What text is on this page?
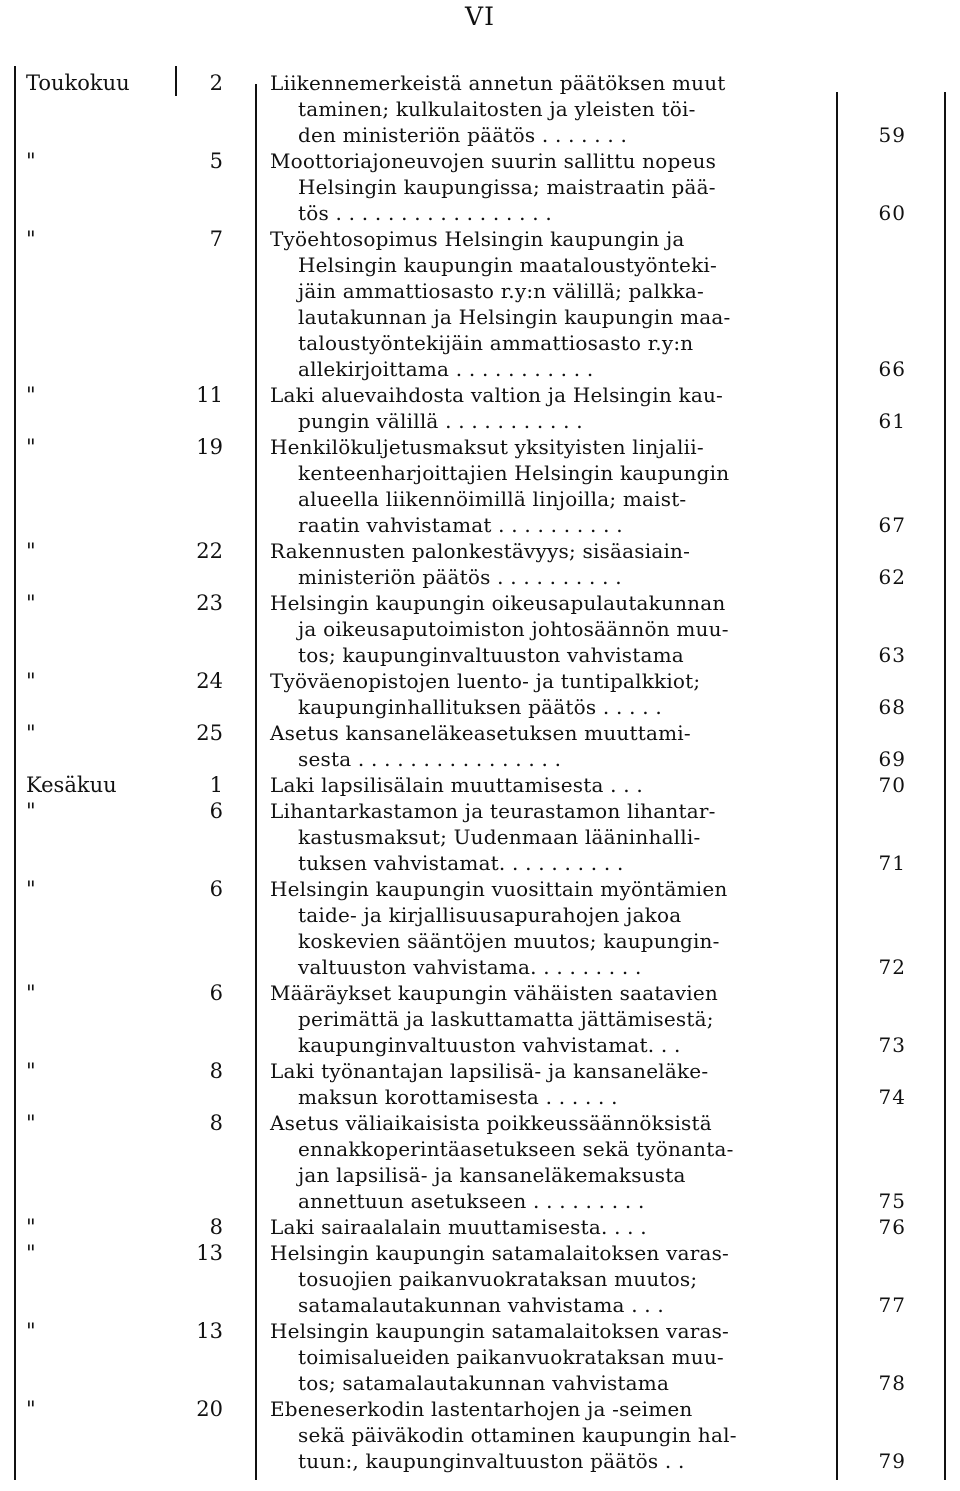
VI
Toukokuu	2 Liikennemerkeistä annetun päätöksen muut
taminen; kulkulaitosten ja yleisten töi-
den ministeriön päätös . . . . . . .	59
"	5 Moottoriajoneuvojen suurin sallittu nopeus
Helsingin kaupungissa; maistraatin pää-
tös . . . . . . . . . . . . . . . . .	60
"	7 Työehtosopimus Helsingin kaupungin ja
Helsingin kaupungin maataloustyönteki-
jäin ammattiosasto r.y:n välillä; palkka-
lautakunnan ja Helsingin kaupungin maa-
taloustyöntekijäin ammattiosasto r.y:n
allekirjoittama . . . . . . . . . . .	66
"	11 Laki aluevaihdosta valtion ja Helsingin kau-
pungin välillä . . . . . . . . . . .	61
"	19 Henkilökuljetusmaksut yksityisten linjalii-
kenteenharjoittajien Helsingin kaupungin
alueella liikennöimillä linjoilla; maist-
raatin vahvistamat . . . . . . . . . .	67
"	22 Rakennusten palonkestävyys; sisäasiain-
ministeriön päätös . . . . . . . . . .	62
"	23 Helsingin kaupungin oikeusapulautakunnan
ja oikeusaputoimiston johtosäännön muu-
tos; kaupunginvaltuuston vahvistama	63
"	24 Työväenopistojen luento- ja tuntipalkkiot;
kaupunginhallituksen päätös . . . . .	68
"	25 Asetus kansaneläkeasetuksen muuttami-
sesta . . . . . . . . . . . . . . . .	69
Kesäkuu	1 Laki lapsilisälain muuttamisesta . . .	70
"	6 Lihantarkastamon ja teurastamon lihantar-
kastusmaksut; Uudenmaan lääninhalli-
tuksen vahvistamat. . . . . . . . . .	71
"	6 Helsingin kaupungin vuosittain myöntämien
taide- ja kirjallisuusapurahojen jakoa
koskevien sääntöjen muutos; kaupungin-
valtuuston vahvistama. . . . . . . . .	72
"	6 Määräykset kaupungin vähäisten saatavien
perimättä ja laskuttamatta jättämisestä;
kaupunginvaltuuston vahvistamat. . .	73
"	8 Laki työnantajan lapsilisä- ja kansaneläke-
maksun korottamisesta . . . . . .	74
"	8 Asetus väliaikaisista poikkeussäännöksistä
ennakkoperintäasetukseen sekä työnanta-
jan lapsilisä- ja kansaneläkemaksusta
annettuun asetukseen . . . . . . . . .	75
"	8 Laki sairaalalain muuttamisesta. . . .	76
"	13 Helsingin kaupungin satamalaitoksen varas-
tosuojien paikanvuokrataksan muutos;
satamalautakunnan vahvistama . . .	77
"	13 Helsingin kaupungin satamalaitoksen varas-
toimisalueiden paikanvuokrataksan muu-
tos; satamalautakunnan vahvistama	78
"	20 Ebeneserkodin lastentarhojen ja -seimen
sekä päiväkodin ottaminen kaupungin hal-
tuun:, kaupunginvaltuuston päätös . .	79
